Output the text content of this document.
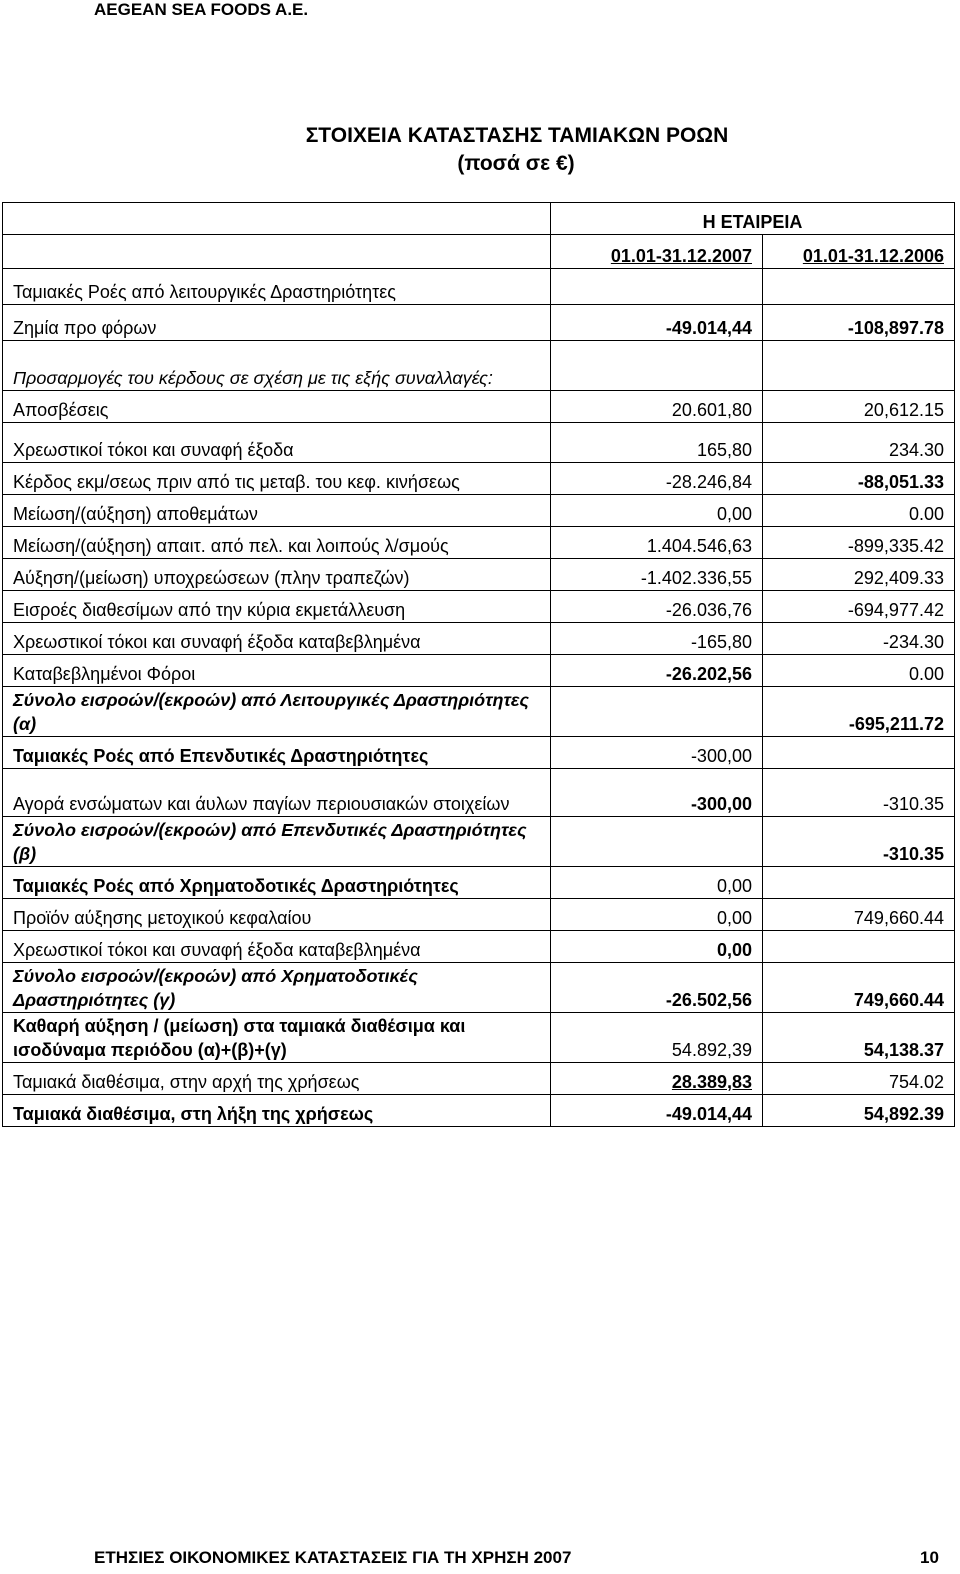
AEGEAN SEA FOODS A.E.
ΣΤΟΙΧΕΙΑ ΚΑΤΑΣΤΑΣΗΣ ΤΑΜΙΑΚΩΝ ΡΟΩΝ
(ποσά σε €)
	Η ΕΤΑΙΡΕΙΑ	
	01.01-31.12.2007	01.01-31.12.2006
Ταμιακές Ροές από λειτουργικές Δραστηριότητες		
Ζημία προ φόρων	-49.014,44	-108,897.78
Προσαρμογές του κέρδους σε σχέση με τις εξής συναλλαγές:		
Αποσβέσεις	20.601,80	20,612.15
Χρεωστικοί τόκοι και συναφή έξοδα	165,80	234.30
Κέρδος εκμ/σεως πριν από τις μεταβ. του κεφ. κινήσεως	-28.246,84	-88,051.33
Μείωση/(αύξηση) αποθεμάτων	0,00	0.00
Μείωση/(αύξηση) απαιτ. από πελ. και λοιπούς λ/σμούς	1.404.546,63	-899,335.42
Αύξηση/(μείωση) υποχρεώσεων (πλην τραπεζών)	-1.402.336,55	292,409.33
Εισροές διαθεσίμων από την κύρια εκμετάλλευση	-26.036,76	-694,977.42
Χρεωστικοί τόκοι και συναφή έξοδα καταβεβλημένα	-165,80	-234.30
Καταβεβλημένοι Φόροι	-26.202,56	0.00
Σύνολο εισροών/(εκροών) από Λειτουργικές Δραστηριότητες (α)		-695,211.72
Ταμιακές Ροές από Επενδυτικές Δραστηριότητες	-300,00	
Αγορά ενσώματων και άυλων παγίων περιουσιακών στοιχείων	-300,00	-310.35
Σύνολο εισροών/(εκροών) από Επενδυτικές Δραστηριότητες (β)		-310.35
Ταμιακές Ροές από Χρηματοδοτικές Δραστηριότητες	0,00	
Προϊόν αύξησης μετοχικού κεφαλαίου	0,00	749,660.44
Χρεωστικοί τόκοι και συναφή έξοδα καταβεβλημένα	0,00	
Σύνολο εισροών/(εκροών) από Χρηματοδοτικές Δραστηριότητες (γ)	-26.502,56	749,660.44
Καθαρή αύξηση / (μείωση) στα ταμιακά διαθέσιμα και ισοδύναμα περιόδου (α)+(β)+(γ)	54.892,39	54,138.37
Ταμιακά διαθέσιμα, στην αρχή της χρήσεως	28.389,83	754.02
Ταμιακά διαθέσιμα, στη λήξη της χρήσεως	-49.014,44	54,892.39
ΕΤΗΣΙΕΣ ΟΙΚΟΝΟΜΙΚΕΣ ΚΑΤΑΣΤΑΣΕΙΣ ΓΙΑ ΤΗ ΧΡΗΣΗ 2007	10
